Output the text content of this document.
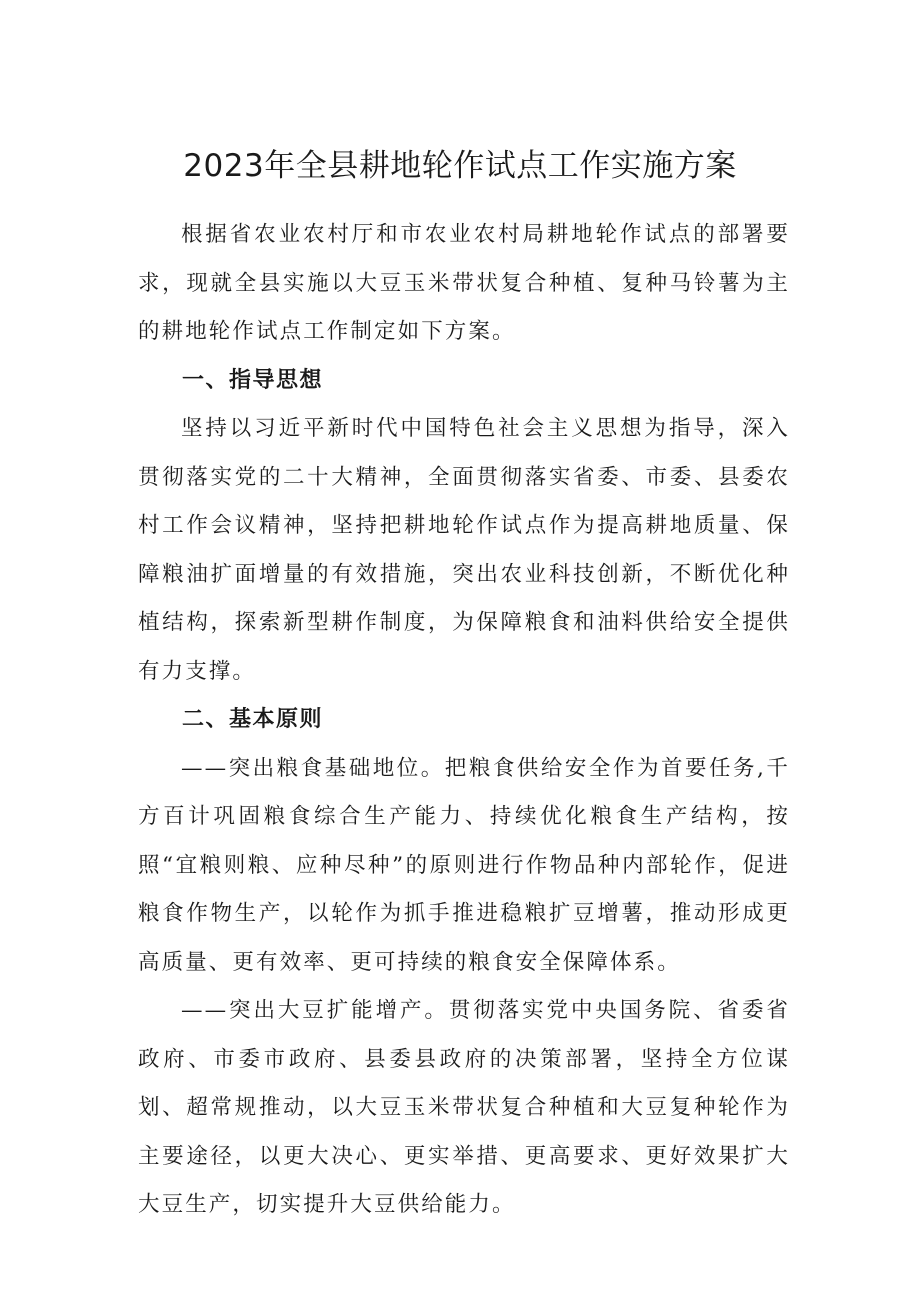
2023年全县耕地轮作试点工作实施方案

根据省农业农村厅和市农业农村局耕地轮作试点的部署要求，现就全县实施以大豆玉米带状复合种植、复种马铃薯为主的耕地轮作试点工作制定如下方案。

一、指导思想

坚持以习近平新时代中国特色社会主义思想为指导，深入贯彻落实党的二十大精神，全面贯彻落实省委、市委、县委农村工作会议精神，坚持把耕地轮作试点作为提高耕地质量、保障粮油扩面增量的有效措施，突出农业科技创新，不断优化种植结构，探索新型耕作制度，为保障粮食和油料供给安全提供有力支撑。

二、基本原则

——突出粮食基础地位。把粮食供给安全作为首要任务,千方百计巩固粮食综合生产能力、持续优化粮食生产结构，按照“宜粮则粮、应种尽种”的原则进行作物品种内部轮作，促进粮食作物生产，以轮作为抓手推进稳粮扩豆增薯，推动形成更高质量、更有效率、更可持续的粮食安全保障体系。

——突出大豆扩能增产。贯彻落实党中央国务院、省委省政府、市委市政府、县委县政府的决策部署，坚持全方位谋划、超常规推动，以大豆玉米带状复合种植和大豆复种轮作为主要途径，以更大决心、更实举措、更高要求、更好效果扩大大豆生产，切实提升大豆供给能力。
